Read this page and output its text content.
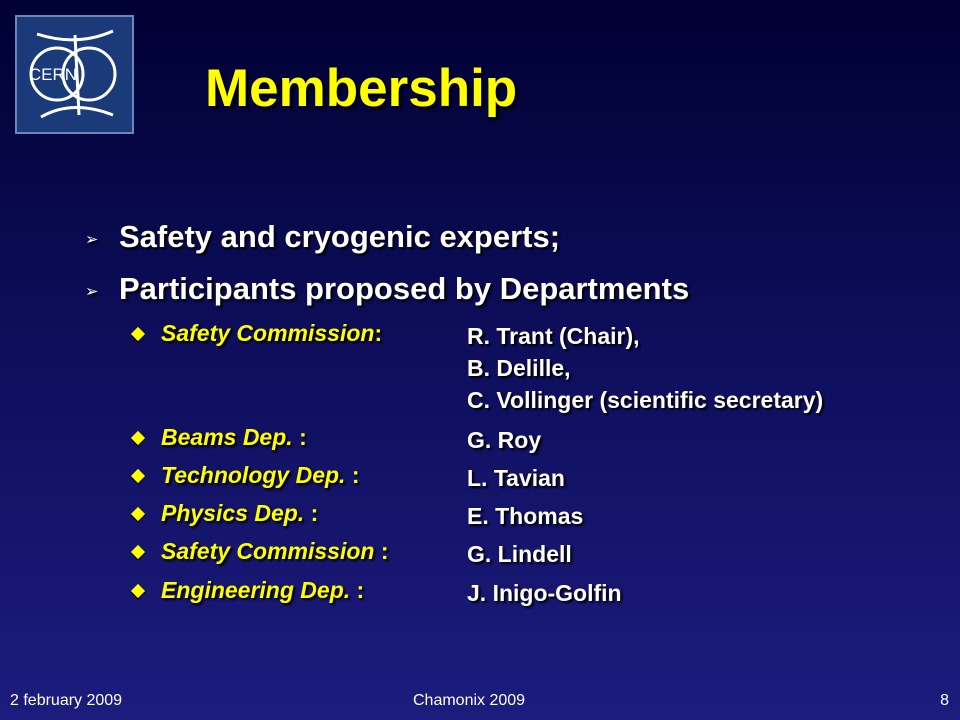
CERN Membership
➢ Safety and cryogenic experts;
➢ Participants proposed by Departments
Safety Commission:	R. Trant (Chair),
B. Delille,
C. Vollinger (scientific secretary)
Beams Dep. :	G. Roy
Technology Dep. :	L. Tavian
Physics Dep. :	E. Thomas
Safety Commission :	G. Lindell
Engineering Dep. :	J. Inigo-Golfin
2 february 2009	Chamonix 2009	8
